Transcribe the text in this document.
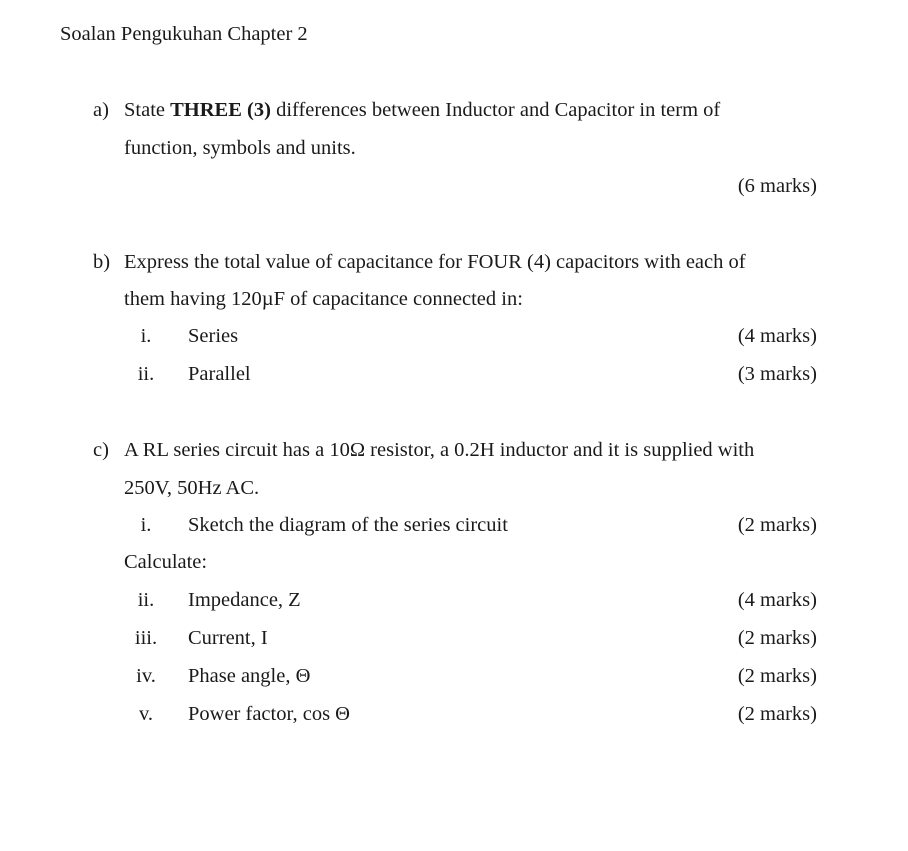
Soalan Pengukuhan Chapter 2
a) State THREE (3) differences between Inductor and Capacitor in term of
function, symbols and units.
(6 marks)
b) Express the total value of capacitance for FOUR (4) capacitors with each of
them having 120µF of capacitance connected in:
i.	Series	(4 marks)
ii.	Parallel	(3 marks)
c) A RL series circuit has a 10Ω resistor, a 0.2H inductor and it is supplied with
250V, 50Hz AC.
i.	Sketch the diagram of the series circuit	(2 marks)
Calculate:
ii.	Impedance, Z	(4 marks)
iii.	Current, I	(2 marks)
iv.	Phase angle, Θ	(2 marks)
v.	Power factor, cos Θ	(2 marks)
